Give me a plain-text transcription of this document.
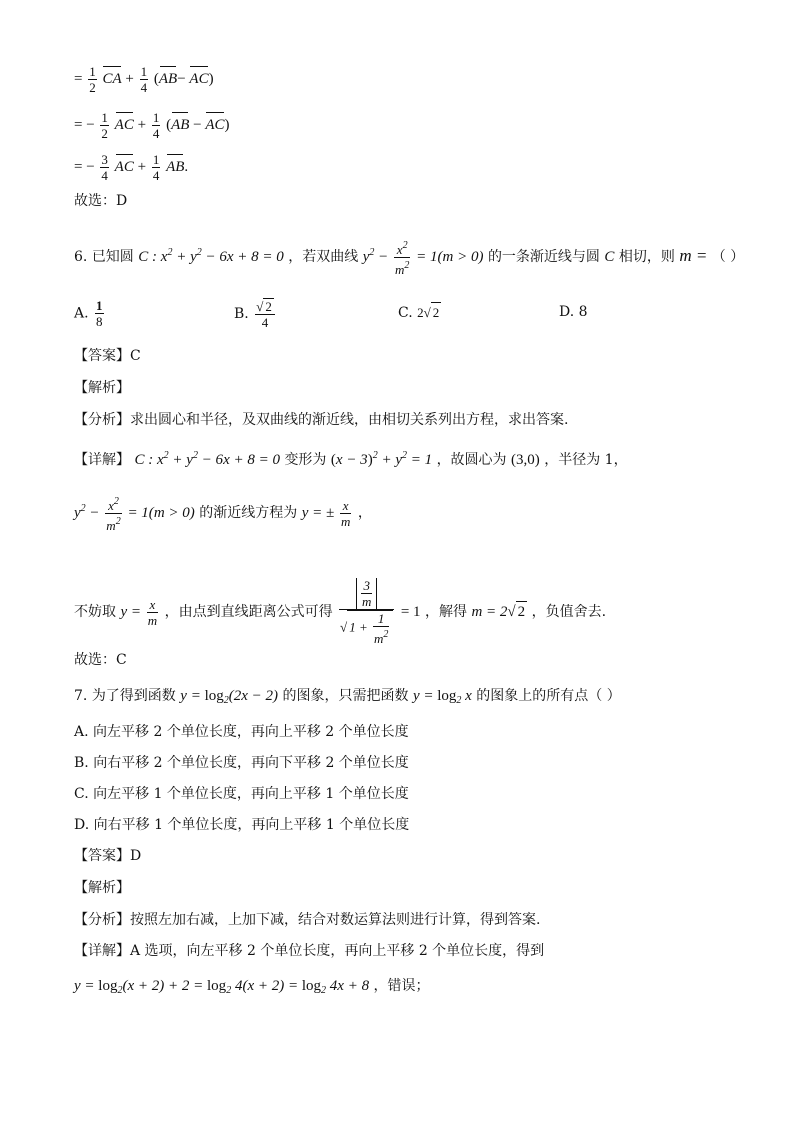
= $\frac{1}{2}$ CA + $\frac{1}{4} (AB- AC)$
= − $\frac{1}{2}$ AC + $\frac{1}{4} (AB - AC)$
= − $\frac{3}{4}$ AC + $\frac{1}{4}$ AB.
故选：D
6. 已知圆 C : $x^2 + y^2 - 6x + 8 = 0$ ，若双曲线 $y^2 - \frac{x^2}{m^2} = 1(m > 0)$ 的一条渐近线与圆 C 相切，则 m = （ ）
A. $\frac{1}{8}$	B. $\frac{√ 2}{4}$	C. 2√ 2	D. 8
【答案】C
【解析】
【分析】求出圆心和半径，及双曲线的渐近线，由相切关系列出方程，求出答案.
【详解】 C : $x^2 + y^2 - 6x + 8 = 0$ 变形为 $(x - 3)^2 + y^2 = 1$ ，故圆心为 (3,0) ，半径为 1，
$y^2 - \frac{x^2}{m^2} = 1(m > 0)$ 的渐近线方程为 y = ± $\frac{x}{m}$ ，
不妨取 $y = \frac{x}{m}$ ，由点到直线距离公式可得 $\frac{\frac{3}{m}}{√ 1 + \frac{1}{m^2}} = 1$ ，解得 m = 2√ 2 ，负值舍去.
故选：C
7. 为了得到函数 $y = \log_2(2x - 2)$ 的图象，只需把函数 $y = \log_2 x$ 的图象上的所有点（ ）
A. 向左平移 2 个单位长度，再向上平移 2 个单位长度
B. 向右平移 2 个单位长度，再向下平移 2 个单位长度
C. 向左平移 1 个单位长度，再向上平移 1 个单位长度
D. 向右平移 1 个单位长度，再向上平移 1 个单位长度
【答案】D
【解析】
【分析】按照左加右减，上加下减，结合对数运算法则进行计算，得到答案.
【详解】A 选项，向左平移 2 个单位长度，再向上平移 2 个单位长度，得到
$y = \log_2(x + 2) + 2 = \log_2 4(x + 2) = \log_2 4x + 8$ ，错误；
